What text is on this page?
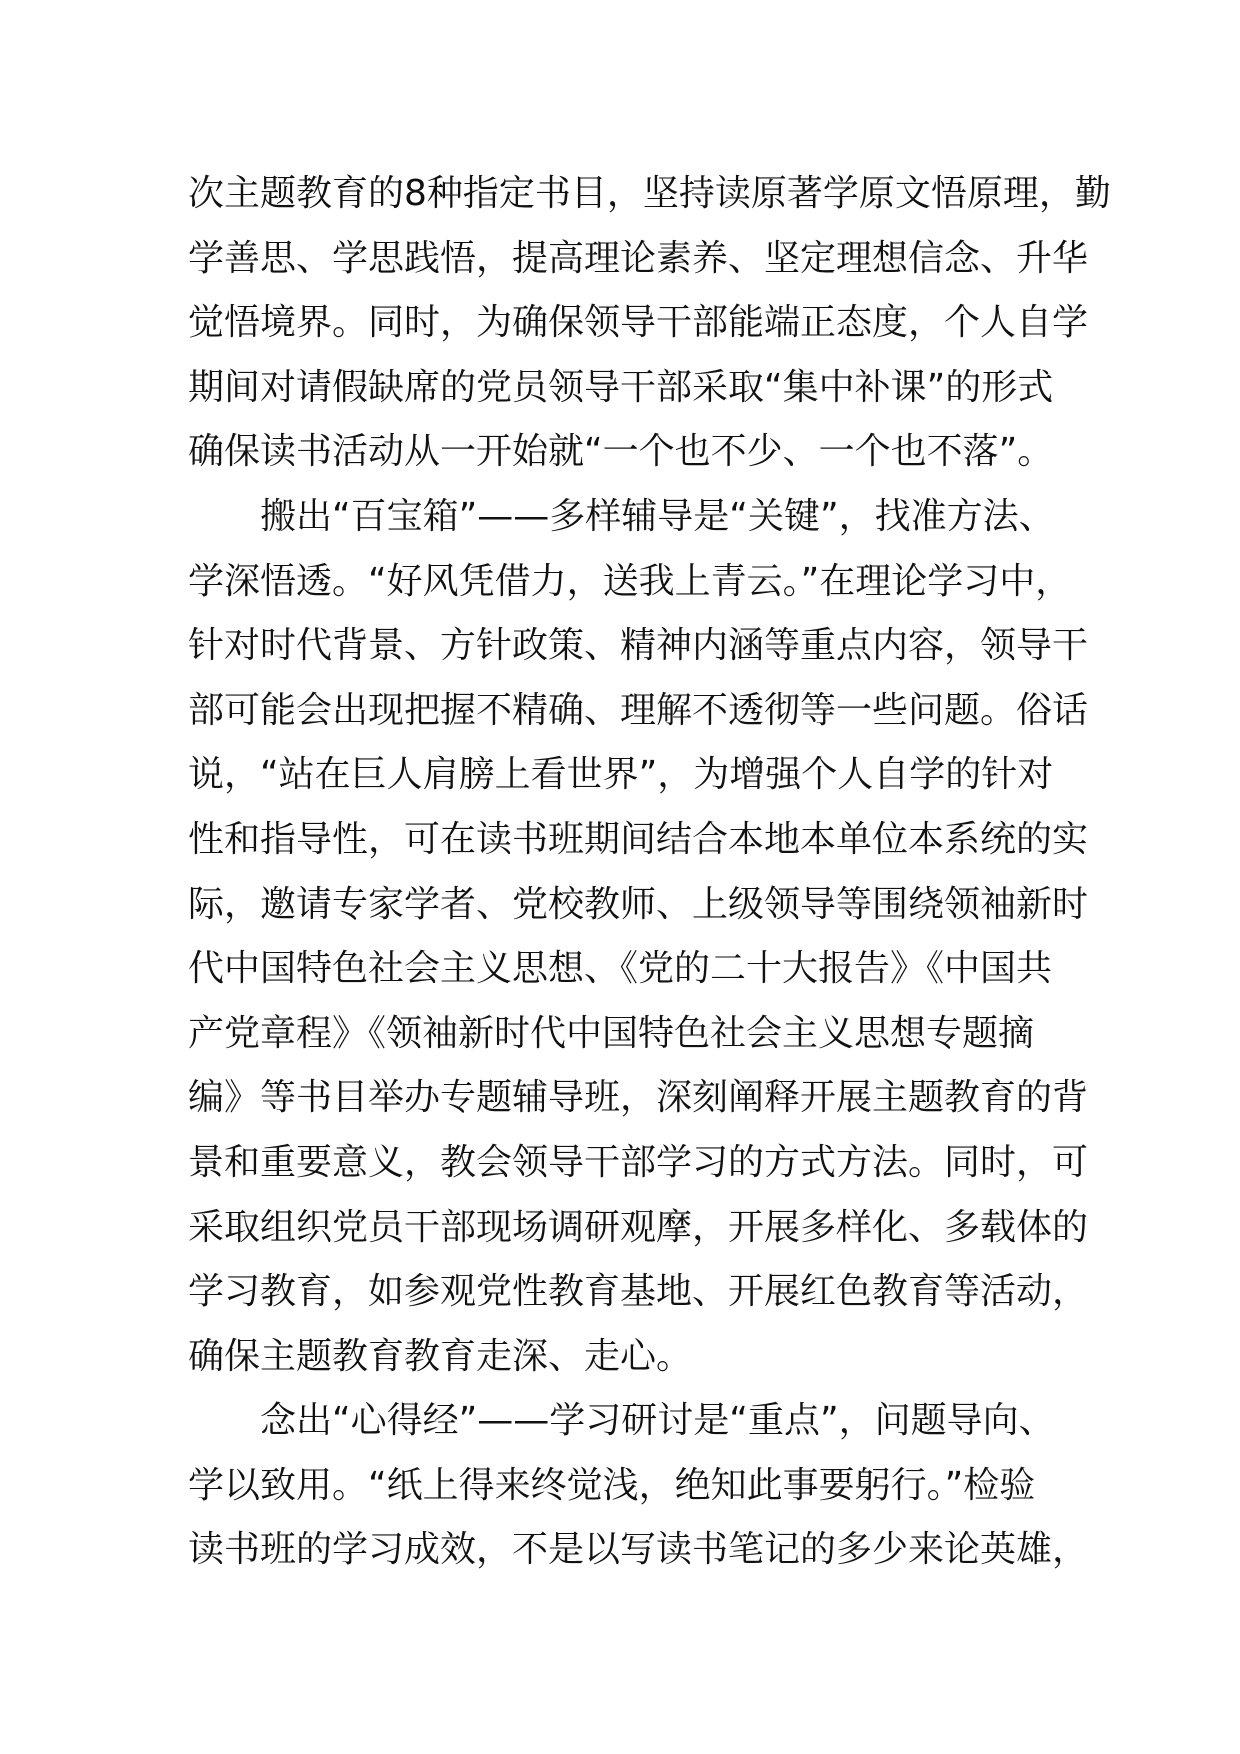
次主题教育的8种指定书目，坚持读原著学原文悟原理，勤
学善思、学思践悟，提高理论素养、坚定理想信念、升华
觉悟境界。同时，为确保领导干部能端正态度，个人自学
期间对请假缺席的党员领导干部采取“集中补课”的形式
确保读书活动从一开始就“一个也不少、一个也不落”。
搬出“百宝箱”——多样辅导是“关键”，找准方法、
学深悟透。“好风凭借力，送我上青云。”在理论学习中，
针对时代背景、方针政策、精神内涵等重点内容，领导干
部可能会出现把握不精确、理解不透彻等一些问题。俗话
说，“站在巨人肩膀上看世界”，为增强个人自学的针对
性和指导性，可在读书班期间结合本地本单位本系统的实
际，邀请专家学者、党校教师、上级领导等围绕领袖新时
代中国特色社会主义思想、《党的二十大报告》《中国共
产党章程》《领袖新时代中国特色社会主义思想专题摘
编》等书目举办专题辅导班，深刻阐释开展主题教育的背
景和重要意义，教会领导干部学习的方式方法。同时，可
采取组织党员干部现场调研观摩，开展多样化、多载体的
学习教育，如参观党性教育基地、开展红色教育等活动，
确保主题教育教育走深、走心。
念出“心得经”——学习研讨是“重点”，问题导向、
学以致用。“纸上得来终觉浅，绝知此事要躬行。”检验
读书班的学习成效，不是以写读书笔记的多少来论英雄，
